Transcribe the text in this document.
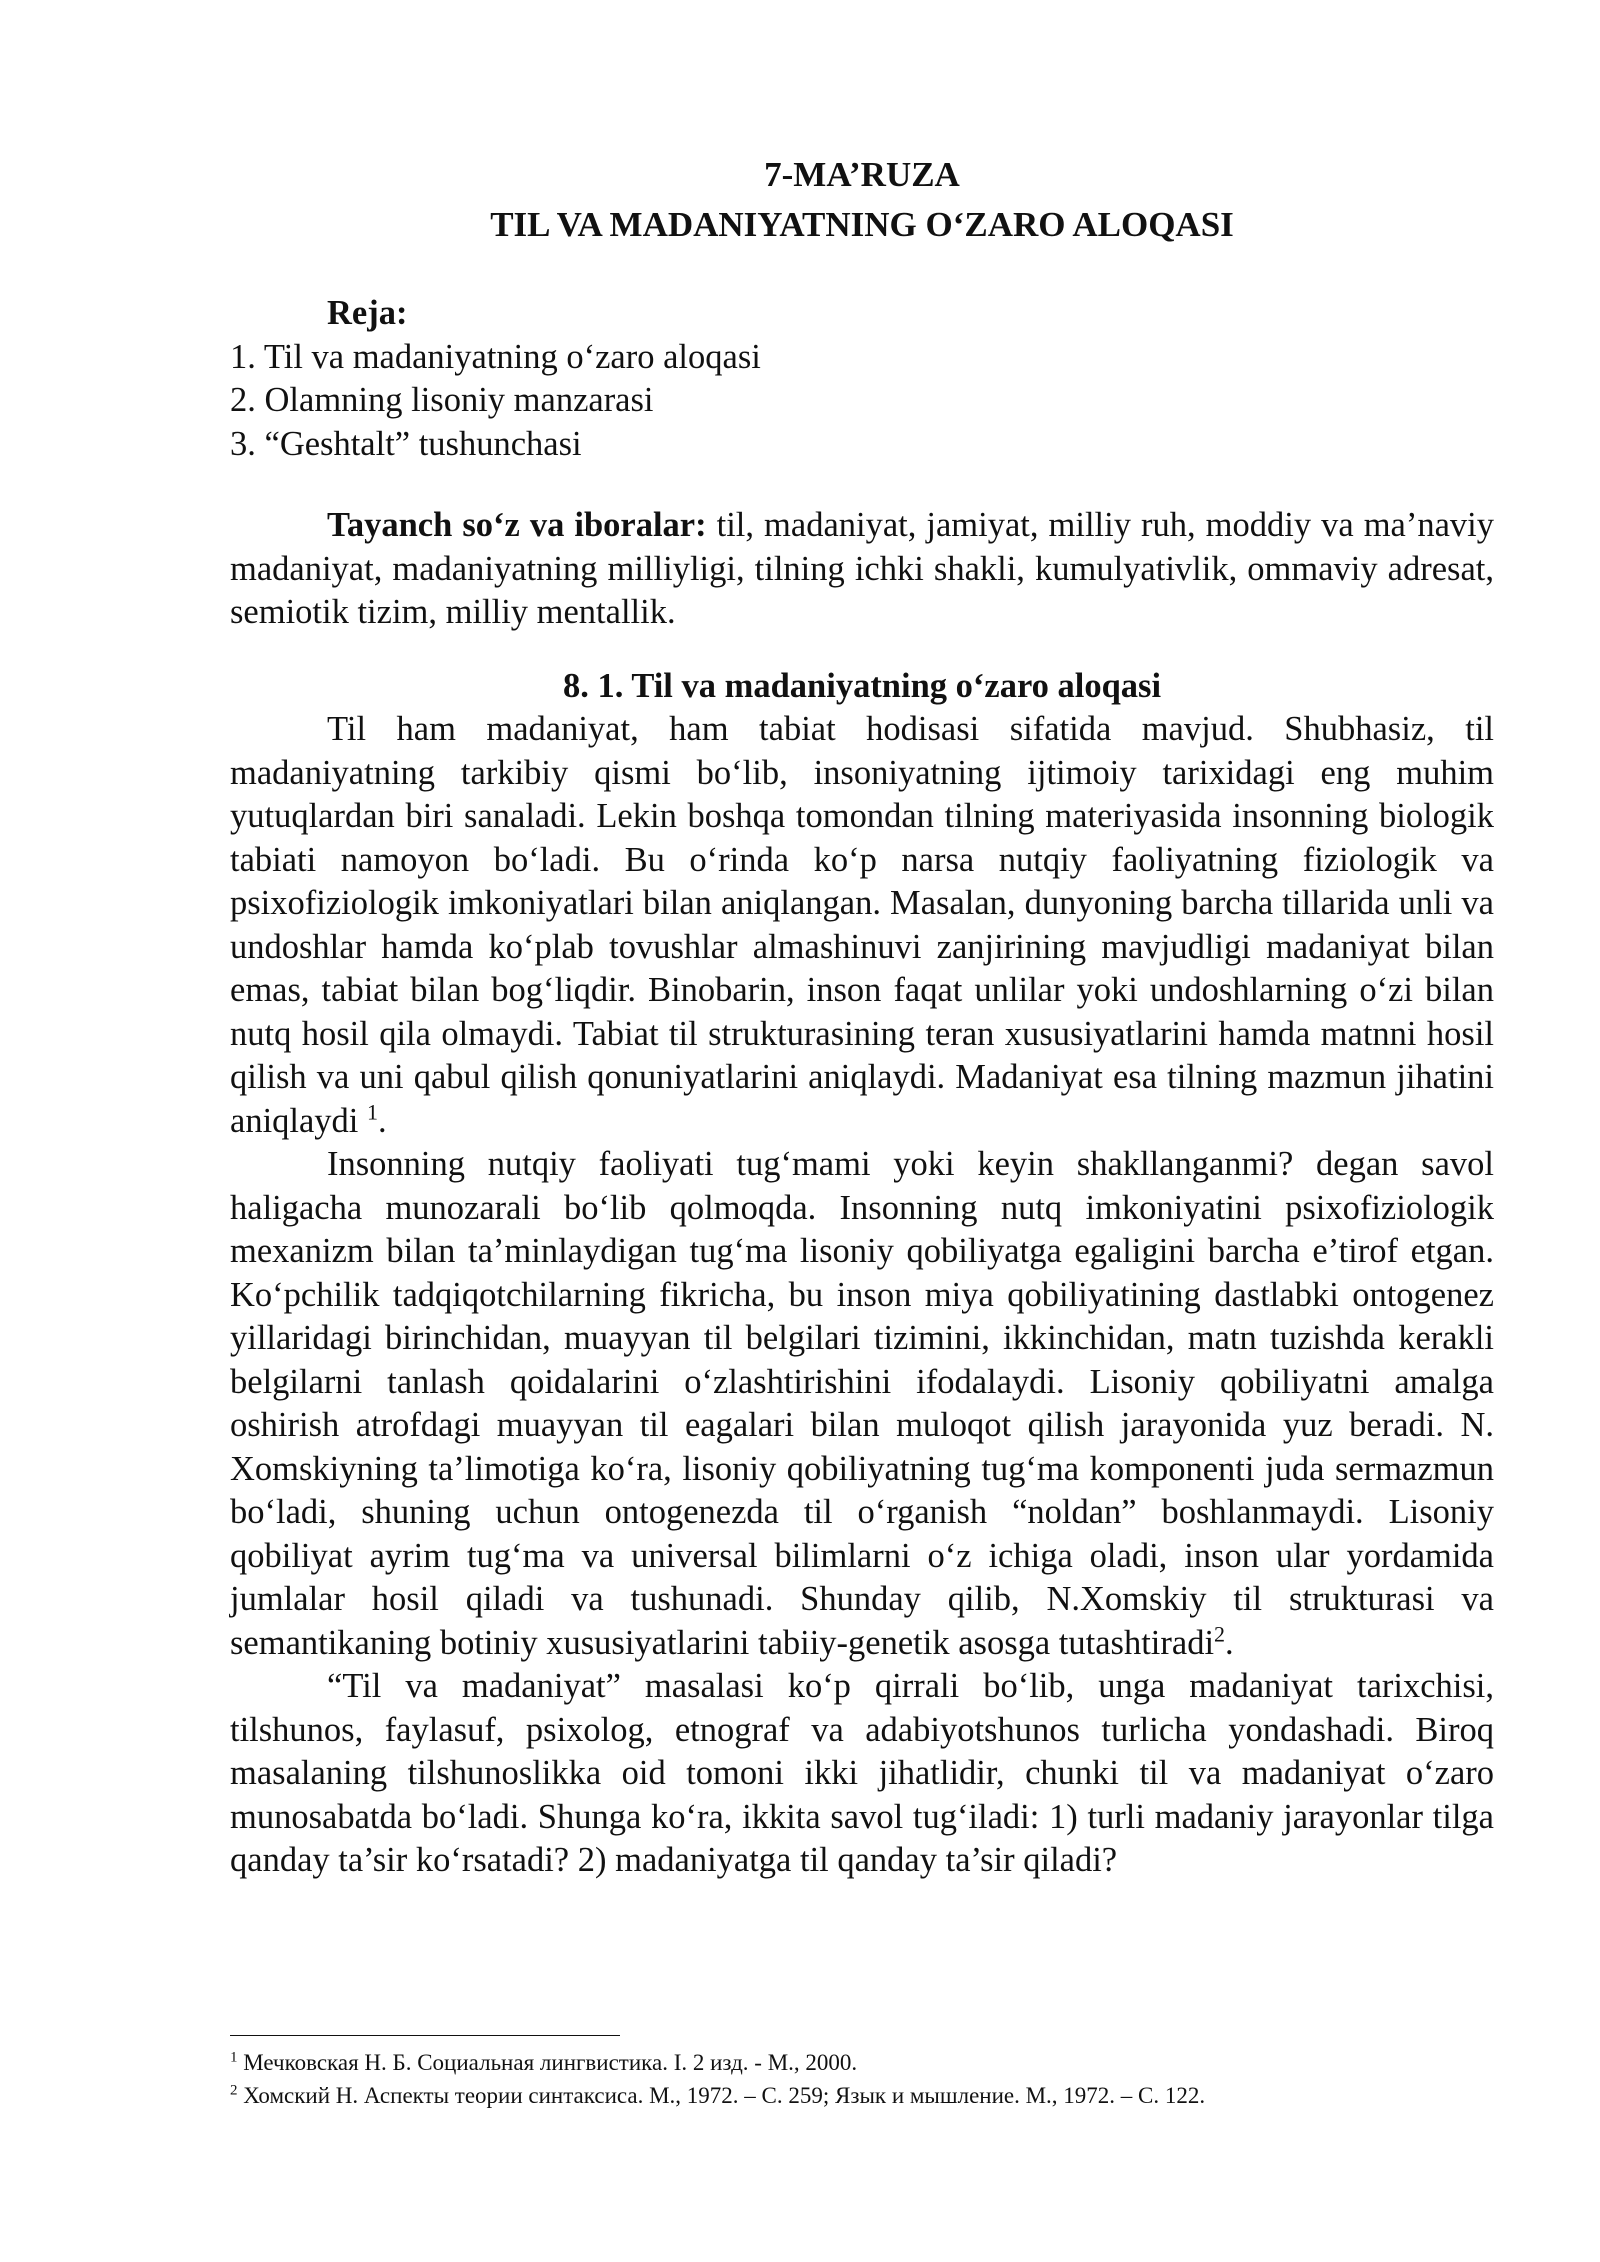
7-MA’RUZA
TIL VA MADANIYATNING O‘ZARO ALOQASI
Reja:
1. Til va madaniyatning o‘zaro aloqasi
2. Olamning lisoniy manzarasi
3. “Geshtalt” tushunchasi

Tayanch so‘z va iboralar: til, madaniyat, jamiyat, milliy ruh, moddiy va ma’naviy madaniyat, madaniyatning milliyligi, tilning ichki shakli, kumulyativlik, ommaviy adresat, semiotik tizim, milliy mentallik.

8. 1. Til va madaniyatning o‘zaro aloqasi

Til ham madaniyat, ham tabiat hodisasi sifatida mavjud. Shubhasiz, til madaniyatning tarkibiy qismi bo‘lib, insoniyatning ijtimoiy tarixidagi eng muhim yutuqlardan biri sanaladi. Lekin boshqa tomondan tilning materiyasida insonning biologik tabiati namoyon bo‘ladi. Bu o‘rinda ko‘p narsa nutqiy faoliyatning fiziologik va psixofiziologik imkoniyatlari bilan aniqlangan. Masalan, dunyoning barcha tillarida unli va undoshlar hamda ko‘plab tovushlar almashinuvi zanjirining mavjudligi madaniyat bilan emas, tabiat bilan bog‘liqdir. Binobarin, inson faqat unlilar yoki undoshlarning o‘zi bilan nutq hosil qila olmaydi. Tabiat til strukturasining teran xususiyatlarini hamda matnni hosil qilish va uni qabul qilish qonuniyatlarini aniqlaydi. Madaniyat esa tilning mazmun jihatini aniqlaydi $^1$.

Insonning nutqiy faoliyati tug‘mami yoki keyin shakllanganmi? degan savol haligacha munozarali bo‘lib qolmoqda. Insonning nutq imkoniyatini psixofiziologik mexanizm bilan ta’minlaydigan tug‘ma lisoniy qobiliyatga egaligini barcha e’tirof etgan. Ko‘pchilik tadqiqotchilarning fikricha, bu inson miya qobiliyatining dastlabki ontogenez yillaridagi birinchidan, muayyan til belgilari tizimini, ikkinchidan, matn tuzishda kerakli belgilarni tanlash qoidalarini o‘zlashtirishini ifodalaydi. Lisoniy qobiliyatni amalga oshirish atrofdagi muayyan til eagalari bilan muloqot qilish jarayonida yuz beradi. N. Xomskiyning ta’limotiga ko‘ra, lisoniy qobiliyatning tug‘ma komponenti juda sermazmun bo‘ladi, shuning uchun ontogenezda til o‘rganish “noldan” boshlanmaydi. Lisoniy qobiliyat ayrim tug‘ma va universal bilimlarni o‘z ichiga oladi, inson ular yordamida jumlalar hosil qiladi va tushunadi. Shunday qilib, N.Xomskiy til strukturasi va semantikaning botiniy xususiyatlarini tabiiy-genetik asosga tutashtiradi$^2$.

“Til va madaniyat” masalasi ko‘p qirrali bo‘lib, unga madaniyat tarixchisi, tilshunos, faylasuf, psixolog, etnograf va adabiyotshunos turlicha yondashadi. Biroq masalaning tilshunoslikka oid tomoni ikki jihatlidir, chunki til va madaniyat o‘zaro munosabatda bo‘ladi. Shunga ko‘ra, ikkita savol tug‘iladi: 1) turli madaniy jarayonlar tilga qanday ta’sir ko‘rsatadi? 2) madaniyatga til qanday ta’sir qiladi?

$^1$ Мечковская Н. Б. Социальная лингвистика. I. 2 изд. - М., 2000.
$^2$ Хомский Н. Аспекты теории синтаксиса. М., 1972. – С. 259; Язык и мышление. М., 1972. – С. 122.
